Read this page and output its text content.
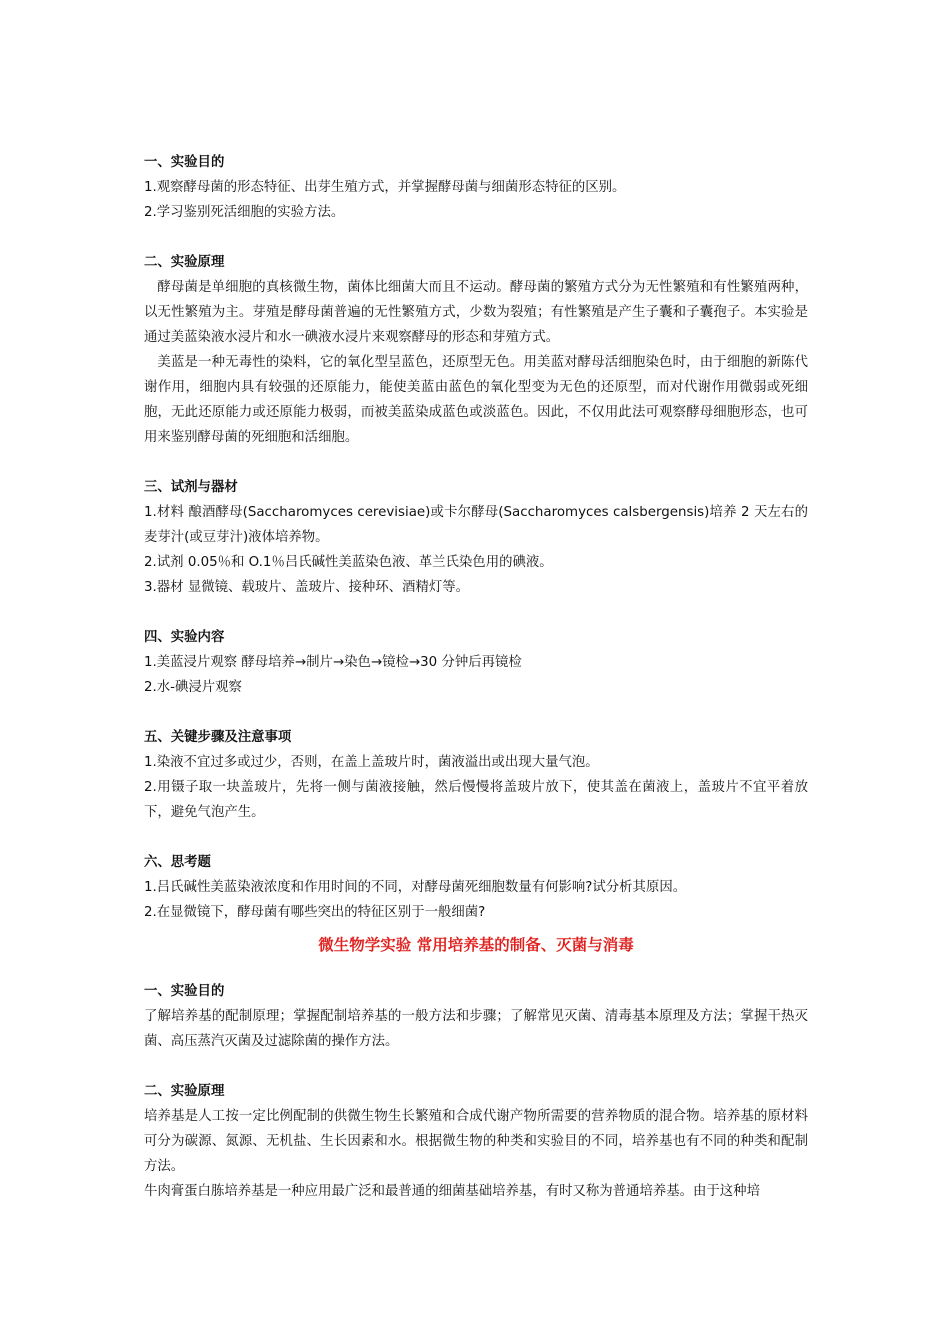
一、实验目的
1.观察酵母菌的形态特征、出芽生殖方式，并掌握酵母菌与细菌形态特征的区别。
2.学习鉴别死活细胞的实验方法。
二、实验原理
酵母菌是单细胞的真核微生物，菌体比细菌大而且不运动。酵母菌的繁殖方式分为无性繁殖和有性繁殖两种，以无性繁殖为主。芽殖是酵母菌普遍的无性繁殖方式，少数为裂殖；有性繁殖是产生子囊和子囊孢子。本实验是通过美蓝染液水浸片和水一碘液水浸片来观察酵母的形态和芽殖方式。
美蓝是一种无毒性的染料，它的氧化型呈蓝色，还原型无色。用美蓝对酵母活细胞染色时，由于细胞的新陈代谢作用，细胞内具有较强的还原能力，能使美蓝由蓝色的氧化型变为无色的还原型，而对代谢作用微弱或死细胞，无此还原能力或还原能力极弱，而被美蓝染成蓝色或淡蓝色。因此，不仅用此法可观察酵母细胞形态，也可用来鉴别酵母菌的死细胞和活细胞。
三、试剂与器材
1.材料 酿酒酵母(Saccharomyces cerevisiae)或卡尔酵母(Saccharomyces calsbergensis)培养 2 天左右的麦芽汁(或豆芽汁)液体培养物。
2.试剂 0.05％和 O.1％吕氏碱性美蓝染色液、革兰氏染色用的碘液。
3.器材 显微镜、载玻片、盖玻片、接种环、酒精灯等。
四、实验内容
1.美蓝浸片观察 酵母培养→制片→染色→镜检→30 分钟后再镜检
2.水-碘浸片观察
五、关键步骤及注意事项
1.染液不宜过多或过少，否则，在盖上盖玻片时，菌液溢出或出现大量气泡。
2.用镊子取一块盖玻片，先将一侧与菌液接触，然后慢慢将盖玻片放下，使其盖在菌液上，盖玻片不宜平着放下，避免气泡产生。
六、思考题
1.吕氏碱性美蓝染液浓度和作用时间的不同，对酵母菌死细胞数量有何影响?试分析其原因。
2.在显微镜下，酵母菌有哪些突出的特征区别于一般细菌?
微生物学实验 常用培养基的制备、灭菌与消毒
一、实验目的
了解培养基的配制原理；掌握配制培养基的一般方法和步骤；了解常见灭菌、清毒基本原理及方法；掌握干热灭菌、高压蒸汽灭菌及过滤除菌的操作方法。
二、实验原理
培养基是人工按一定比例配制的供微生物生长繁殖和合成代谢产物所需要的营养物质的混合物。培养基的原材料可分为碳源、氮源、无机盐、生长因素和水。根据微生物的种类和实验目的不同，培养基也有不同的种类和配制方法。
牛肉膏蛋白胨培养基是一种应用最广泛和最普通的细菌基础培养基，有时又称为普通培养基。由于这种培
